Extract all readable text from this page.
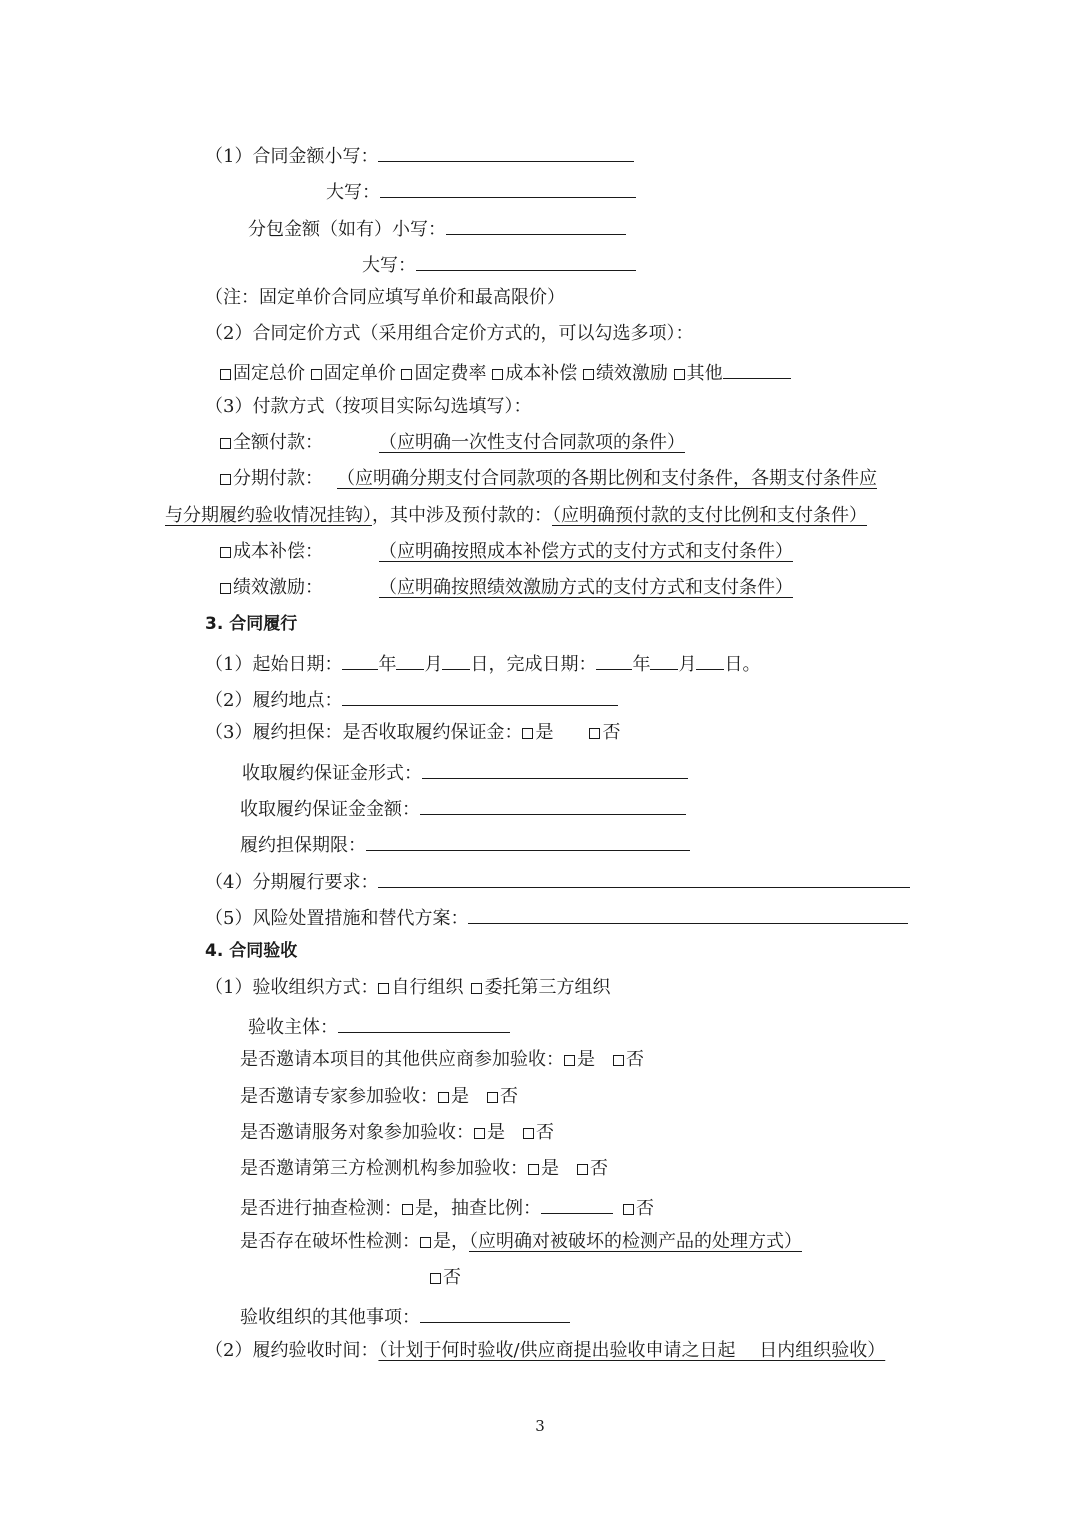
（1）合同金额小写：
大写：
分包金额（如有）小写：
大写：
（注：固定单价合同应填写单价和最高限价）
（2）合同定价方式（采用组合定价方式的，可以勾选多项）：
固定总价 固定单价 固定费率 成本补偿 绩效激励 其他
（3）付款方式（按项目实际勾选填写）：
全额付款：	（应明确一次性支付合同款项的条件）
分期付款： （应明确分期支付合同款项的各期比例和支付条件，各期支付条件应
与分期履约验收情况挂钩），其中涉及预付款的：（应明确预付款的支付比例和支付条件）
成本补偿：	（应明确按照成本补偿方式的支付方式和支付条件）
绩效激励：	（应明确按照绩效激励方式的支付方式和支付条件）
3. 合同履行
（1）起始日期： 年 月 日，完成日期： 年 月 日。
（2）履约地点：
（3）履约担保：是否收取履约保证金： 是	否
收取履约保证金形式：
收取履约保证金金额：
履约担保期限：
（4）分期履行要求：
（5）风险处置措施和替代方案：
4. 合同验收
（1）验收组织方式： 自行组织 委托第三方组织
验收主体：
是否邀请本项目的其他供应商参加验收： 是 否
是否邀请专家参加验收： 是 否
是否邀请服务对象参加验收： 是 否
是否邀请第三方检测机构参加验收： 是 否
是否进行抽查检测： 是，抽查比例：	否
是否存在破坏性检测： 是，（应明确对被破坏的检测产品的处理方式）
否
验收组织的其他事项：
（2）履约验收时间：（计划于何时验收/供应商提出验收申请之日起　 日内组织验收）
3
